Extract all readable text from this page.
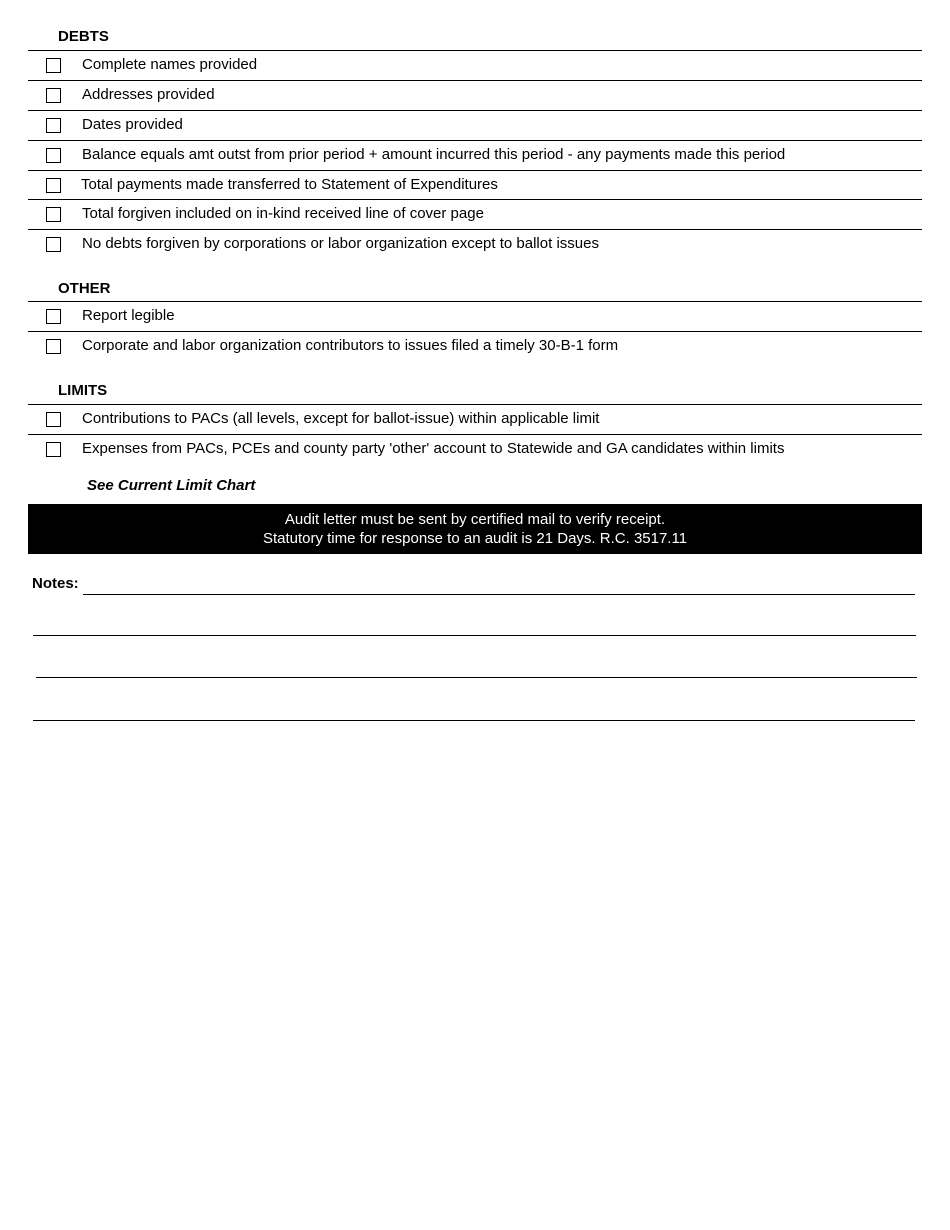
DEBTS
Complete names provided
Addresses provided
Dates provided
Balance equals amt outst from prior period + amount incurred this period - any payments made this period
Total payments made transferred to Statement of Expenditures
Total forgiven included on in-kind received line of cover page
No debts forgiven by corporations or labor organization except to ballot issues
OTHER
Report legible
Corporate and labor organization contributors to issues filed a timely 30-B-1 form
LIMITS
Contributions to PACs (all levels, except for ballot-issue) within applicable limit
Expenses from PACs, PCEs and county party 'other' account to Statewide and GA candidates within limits
See Current Limit Chart
Audit letter must be sent by certified mail to verify receipt.
Statutory time for response to an audit is 21 Days. R.C. 3517.11
Notes:
